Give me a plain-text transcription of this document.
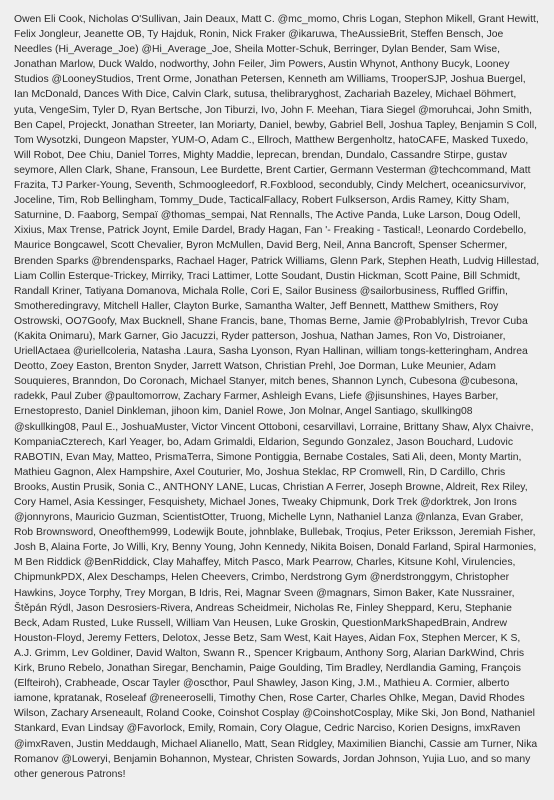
Owen Eli Cook, Nicholas O'Sullivan, Jain Deaux, Matt C. @mc_momo, Chris Logan, Stephon Mikell, Grant Hewitt, Felix Jongleur, Jeanette OB, Ty Hajduk, Ronin, Nick Fraker @ikaruwa, TheAussieBrit, Steffen Bensch, Joe Needles (Hi_Average_Joe) @Hi_Average_Joe, Sheila Motter-Schuk, Berringer, Dylan Bender, Sam Wise, Jonathan Marlow, Duck Waldo, nodworthy, John Feiler, Jim Powers, Austin Whynot, Anthony Bucyk, Looney Studios @LooneyStudios, Trent Orme, Jonathan Petersen, Kenneth am Williams, TrooperSJP, Joshua Buergel, Ian McDonald, Dances With Dice, Calvin Clark, sutusa, thelibraryghost, Zachariah Bazeley, Michael Böhmert, yuta, VengeSim, Tyler D, Ryan Bertsche, Jon Tiburzi, Ivo, John F. Meehan, Tiara Siegel @moruhcai, John Smith, Ben Capel, Projeckt, Jonathan Streeter, Ian Moriarty, Daniel, bewby, Gabriel Bell, Joshua Tapley, Benjamin S Coll, Tom Wysotzki, Dungeon Mapster, YUM-O, Adam C., Ellroch, Matthew Bergenholtz, hatoCAFE, Masked Tuxedo, Will Robot, Dee Chiu, Daniel Torres, Mighty Maddie, leprecan, brendan, Dundalo, Cassandre Stirpe, gustav seymore, Allen Clark, Shane, Fransoun, Lee Burdette, Brent Cartier, Germann Vesterman @techcommand, Matt Frazita, TJ Parker-Young, Seventh, Schmoogleedorf, R.Foxblood, secondubly, Cindy Melchert, oceanicsurvivor, Joceline, Tim, Rob Bellingham, Tommy_Dude, TacticalFallacy, Robert Fulkserson, Ardis Ramey, Kitty Sham, Saturnine, D. Faaborg, Sempaï @thomas_sempai, Nat Rennalls, The Active Panda, Luke Larson, Doug Odell, Xixius, Max Trense, Patrick Joynt, Emile Dardel, Brady Hagan, Fan '- Freaking - Tastical!, Leonardo Cordebello, Maurice Bongcawel, Scott Chevalier, Byron McMullen, David Berg, Neil, Anna Bancroft, Spenser Schermer, Brenden Sparks @brendensparks, Rachael Hager, Patrick Williams, Glenn Park, Stephen Heath, Ludvig Hillestad, Liam Collin Esterque-Trickey, Mirriky, Traci Lattimer, Lotte Soudant, Dustin Hickman, Scott Paine, Bill Schmidt, Randall Kriner, Tatiyana Domanova, Michala Rolle, Cori E, Sailor Business @sailorbusiness, Ruffled Griffin, Smotheredingravy, Mitchell Haller, Clayton Burke, Samantha Walter, Jeff Bennett, Matthew Smithers, Roy Ostrowski, OO7Goofy, Max Bucknell, Shane Francis, bane, Thomas Berne, Jamie @ProbablyIrish, Trevor Cuba (Kakita Onimaru), Mark Garner, Gio Jacuzzi, Ryder patterson, Joshua, Nathan James, Ron Vo, Distroianer, UriellActaea @uriellcoleria, Natasha .Laura, Sasha Lyonson, Ryan Hallinan, william tongs-ketteringham, Andrea Deotto, Zoey Easton, Brenton Snyder, Jarrett Watson, Christian Prehl, Joe Dorman, Luke Meunier, Adam Souquieres, Branndon, Do Coronach, Michael Stanyer, mitch benes, Shannon Lynch, Cubesona @cubesona, radekk, Paul Zuber @paultomorrow, Zachary Farmer, Ashleigh Evans, Liefe @jisunshines, Hayes Barber, Ernestopresto, Daniel Dinkleman, jihoon kim, Daniel Rowe, Jon Molnar, Angel Santiago, skullking08 @skullking08, Paul E., JoshuaMuster, Victor Vincent Ottoboni, cesarvillavi, Lorraine, Brittany Shaw, Alyx Chaivre, KompaniaCzterech, Karl Yeager, bo, Adam Grimaldi, Eldarion, Segundo Gonzalez, Jason Bouchard, Ludovic RABOTIN, Evan May, Matteo, PrismaTerra, Simone Pontiggia, Bernabe Costales, Sati Ali, deen, Monty Martin, Mathieu Gagnon, Alex Hampshire, Axel Couturier, Mo, Joshua Steklac, RP Cromwell, Rin, D Cardillo, Chris Brooks, Austin Prusik, Sonia C., ANTHONY LANE, Lucas, Christian A Ferrer, Joseph Browne, Aldreit, Rex Riley, Cory Hamel, Asia Kessinger, Fesquishety, Michael Jones, Tweaky Chipmunk, Dork Trek @dorktrek, Jon Irons @jonnyrons, Mauricio Guzman, ScientistOtter, Truong, Michelle Lynn, Nathaniel Lanza @nlanza, Evan Graber, Rob Brownsword, Oneofthem999, Lodewijk Boute, johnblake, Bullebak, Troqius, Peter Eriksson, Jeremiah Fisher, Josh B, Alaina Forte, Jo Willi, Kry, Benny Young, John Kennedy, Nikita Boisen, Donald Farland, Spiral Harmonies, M Ben Riddick @BenRiddick, Clay Mahaffey, Mitch Pasco, Mark Pearrow, Charles, Kitsune Kohl, Virulencies, ChipmunkPDX, Alex Deschamps, Helen Cheevers, Crimbo, Nerdstrong Gym @nerdstronggym, Christopher Hawkins, Joyce Torphy, Trey Morgan, B Idris, Rei, Magnar Sveen @magnars, Simon Baker, Kate Nussrainer, Štěpán Rýdl, Jason Desrosiers-Rivera, Andreas Scheidmeir, Nicholas Re, Finley Sheppard, Keru, Stephanie Beck, Adam Rusted, Luke Russell, William Van Heusen, Luke Groskin, QuestionMarkShapedBrain, Andrew Houston-Floyd, Jeremy Fetters, Delotox, Jesse Betz, Sam West, Kait Hayes, Aidan Fox, Stephen Mercer, K S, A.J. Grimm, Lev Goldiner, David Walton, Swann R., Spencer Krigbaum, Anthony Sorg, Alarian DarkWind, Chris Kirk, Bruno Rebelo, Jonathan Siregar, Benchamin, Paige Goulding, Tim Bradley, Nerdlandia Gaming, François (Elfteiroh), Crabheade, Oscar Tayler @oscthor, Paul Shawley, Jason King, J.M., Mathieu A. Cormier, alberto iamone, kpratanak, Roseleaf @reneeroselli, Timothy Chen, Rose Carter, Charles Ohlke, Megan, David Rhodes Wilson, Zachary Arseneault, Roland Cooke, Coinshot Cosplay @CoinshotCosplay, Mike Ski, Jon Bond, Nathaniel Stankard, Evan Lindsay @Favorlock, Emily, Romain, Cory Olague, Cedric Narciso, Korien Designs, imxRaven @imxRaven, Justin Meddaugh, Michael Alianello, Matt, Sean Ridgley, Maximilien Bianchi, Cassie am Turner, Nika Romanov @Loweryi, Benjamin Bohannon, Mystear, Christen Sowards, Jordan Johnson, Yujia Luo, and so many other generous Patrons!
